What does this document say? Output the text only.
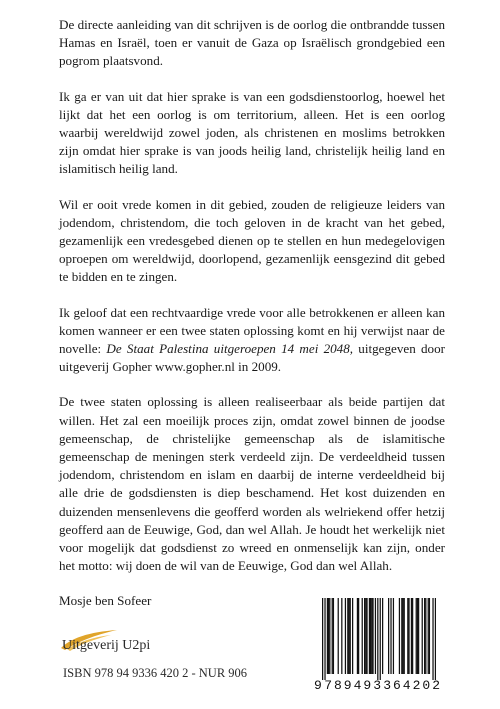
De directe aanleiding van dit schrijven is de oorlog die ontbrandde tussen Hamas en Israël, toen er vanuit de Gaza op Israëlisch grondgebied een pogrom plaatsvond.

Ik ga er van uit dat hier sprake is van een godsdienstoorlog, hoewel het lijkt dat het een oorlog is om territorium, alleen. Het is een oorlog waarbij wereldwijd zowel joden, als christenen en moslims betrokken zijn omdat hier sprake is van joods heilig land, christelijk heilig land en islamitisch heilig land.

Wil er ooit vrede komen in dit gebied, zouden de religieuze leiders van jodendom, christendom, die toch geloven in de kracht van het gebed, gezamenlijk een vredesgebed dienen op te stellen en hun medegelovigen oproepen om wereldwijd, doorlopend, gezamenlijk eensgezind dit gebed te bidden en te zingen.

Ik geloof dat een rechtvaardige vrede voor alle betrokkenen er alleen kan komen wanneer er een twee staten oplossing komt en hij verwijst naar de novelle: De Staat Palestina uitgeroepen 14 mei 2048, uitgegeven door uitgeverij Gopher www.gopher.nl in 2009.

De twee staten oplossing is alleen realiseerbaar als beide partijen dat willen. Het zal een moeilijk proces zijn, omdat zowel binnen de joodse gemeenschap, de christelijke gemeenschap als de islamitische gemeenschap de meningen sterk verdeeld zijn. De verdeeldheid tussen jodendom, christendom en islam en daarbij de interne verdeeldheid bij alle drie de godsdiensten is diep beschamend. Het kost duizenden en duizenden mensenlevens die geofferd worden als welriekend offer hetzij geofferd aan de Eeuwige, God, dan wel Allah. Je houdt het werkelijk niet voor mogelijk dat godsdienst zo wreed en onmenselijk kan zijn, onder het motto: wij doen de wil van de Eeuwige, God dan wel Allah.

Mosje ben Sofeer

Uitgeverij U2pi
ISBN 978 94 9336 420 2 - NUR 906
9 789493 364202
